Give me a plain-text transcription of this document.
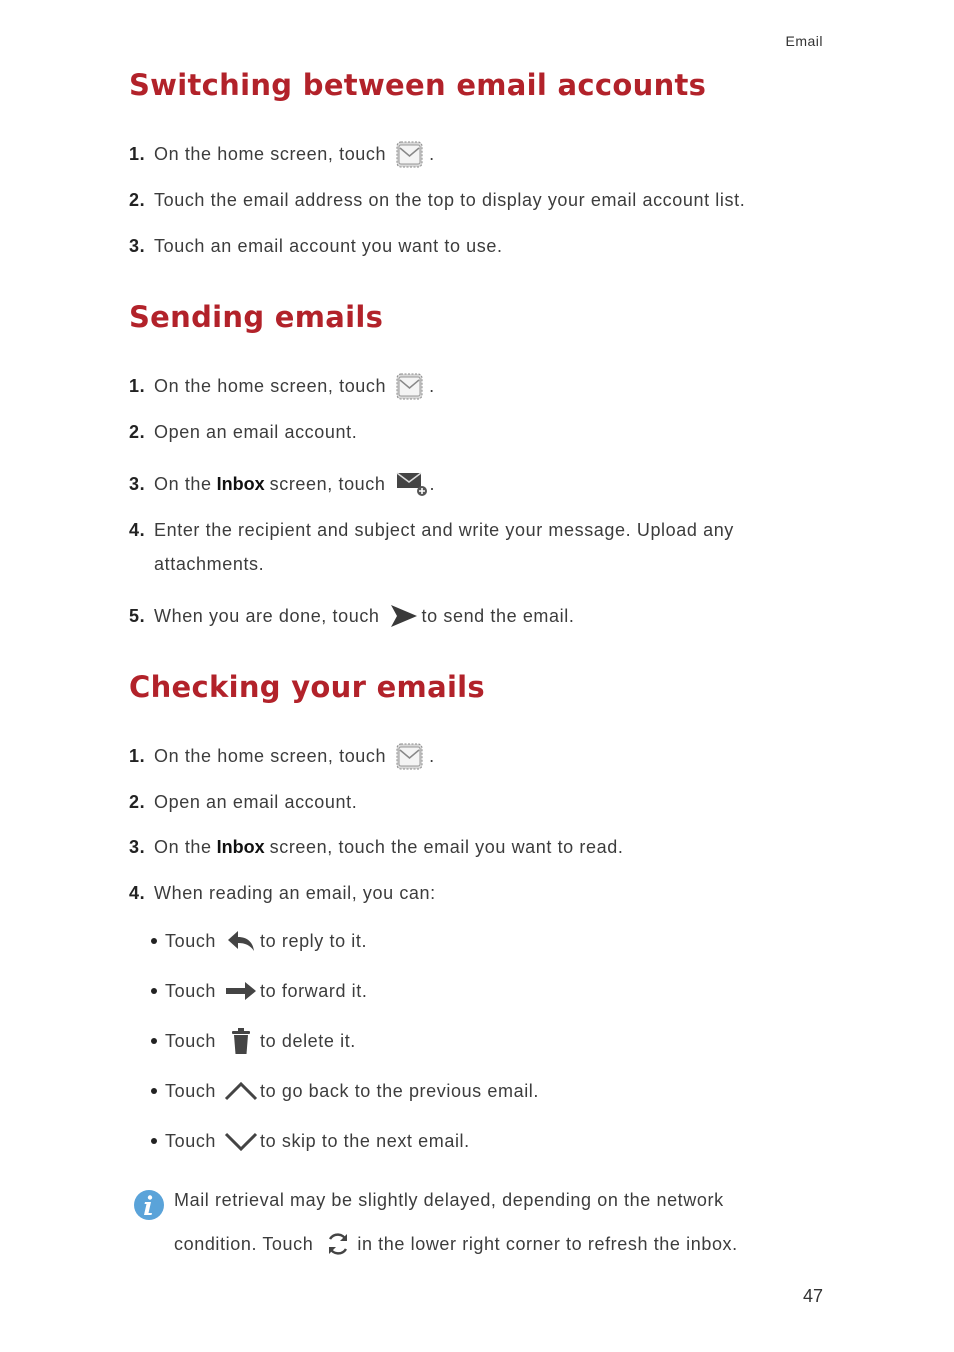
Email
Switching between email accounts
1. On the home screen, touch .
2. Touch the email address on the top to display your email account list.
3. Touch an email account you want to use.
Sending emails
1. On the home screen, touch .
2. Open an email account.
3. On the Inbox screen, touch .
4. Enter the recipient and subject and write your message. Upload any
attachments.
5. When you are done, touch to send the email.
Checking your emails
1. On the home screen, touch .
2. Open an email account.
3. On the Inbox screen, touch the email you want to read.
4. When reading an email, you can:
Touch to reply to it.
Touch to forward it.
Touch to delete it.
Touch to go back to the previous email.
Touch to skip to the next email.
Mail retrieval may be slightly delayed, depending on the network
condition. Touch in the lower right corner to refresh the inbox.
47
